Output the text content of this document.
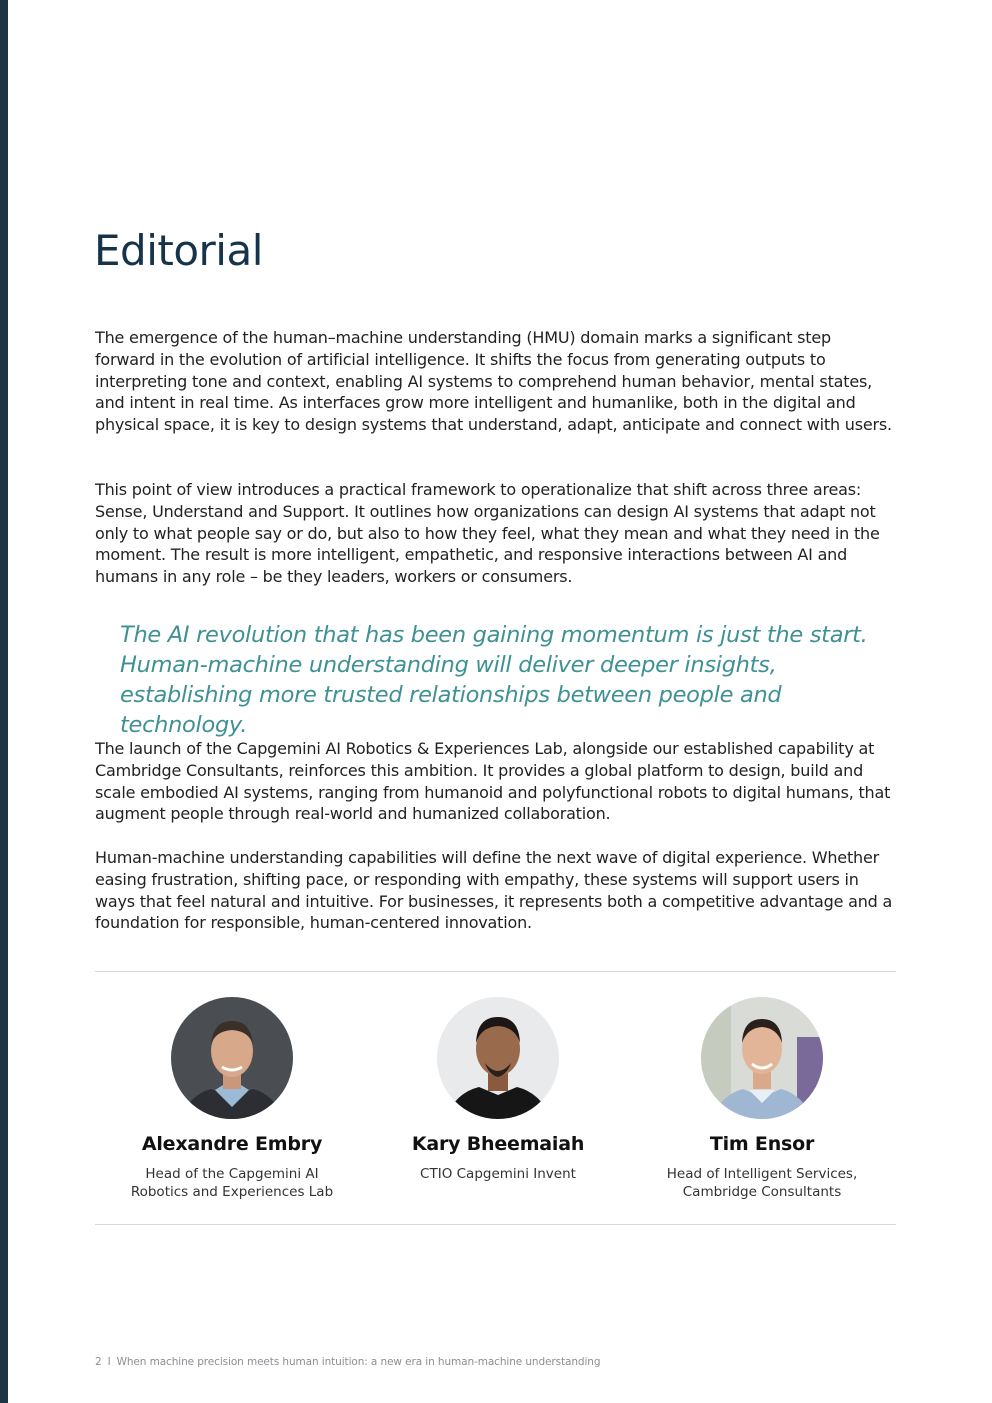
Editorial
The emergence of the human–machine understanding (HMU) domain marks a significant step forward in the evolution of artificial intelligence. It shifts the focus from generating outputs to interpreting tone and context, enabling AI systems to comprehend human behavior, mental states, and intent in real time. As interfaces grow more intelligent and humanlike, both in the digital and physical space, it is key to design systems that understand, adapt, anticipate and connect with users.
This point of view introduces a practical framework to operationalize that shift across three areas: Sense, Understand and Support. It outlines how organizations can design AI systems that adapt not only to what people say or do, but also to how they feel, what they mean and what they need in the moment. The result is more intelligent, empathetic, and responsive interactions between AI and humans in any role – be they leaders, workers or consumers.
The AI revolution that has been gaining momentum is just the start. Human-machine understanding will deliver deeper insights, establishing more trusted relationships between people and technology.
The launch of the Capgemini AI Robotics & Experiences Lab, alongside our established capability at Cambridge Consultants, reinforces this ambition. It provides a global platform to design, build and scale embodied AI systems, ranging from humanoid and polyfunctional robots to digital humans, that augment people through real-world and humanized collaboration.
Human-machine understanding capabilities will define the next wave of digital experience. Whether easing frustration, shifting pace, or responding with empathy, these systems will support users in ways that feel natural and intuitive. For businesses, it represents both a competitive advantage and a foundation for responsible, human-centered innovation.
Alexandre Embry
Head of the Capgemini AI
Robotics and Experiences Lab
Kary Bheemaiah
CTIO Capgemini Invent
Tim Ensor
Head of Intelligent Services,
Cambridge Consultants
2 I When machine precision meets human intuition: a new era in human-machine understanding
